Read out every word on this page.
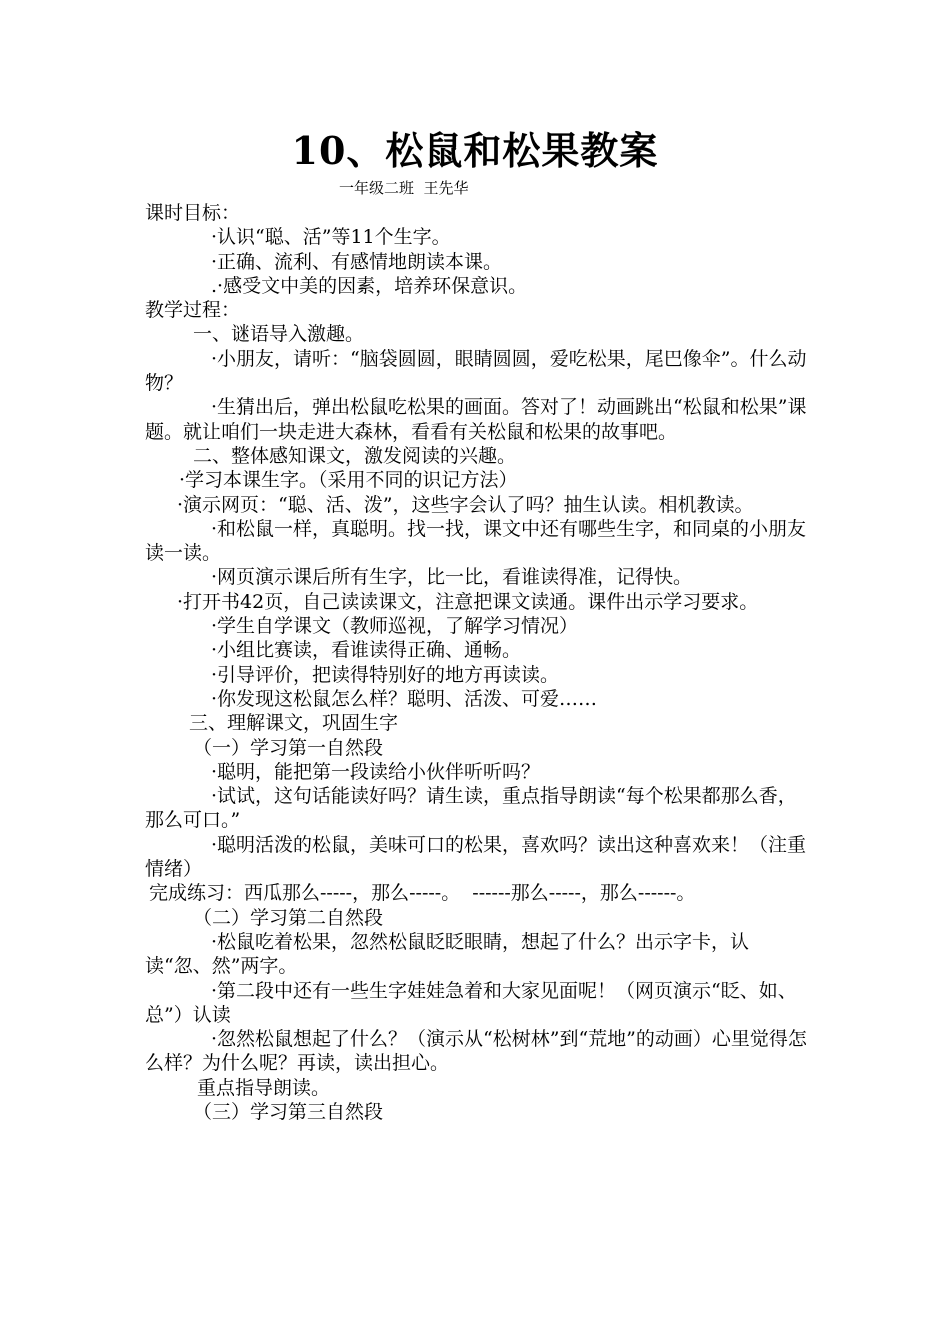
10、松鼠和松果教案
一年级二班  王先华

课时目标：

·认识“聪、活”等11个生字。

·正确、流利、有感情地朗读本课。

.·感受文中美的因素，培养环保意识。

教学过程：

一、谜语导入激趣。

·小朋友，请听：“脑袋圆圆，眼睛圆圆，爱吃松果，尾巴像伞”。什么动物？

·生猜出后，弹出松鼠吃松果的画面。答对了！动画跳出“松鼠和松果”课题。就让咱们一块走进大森林，看看有关松鼠和松果的故事吧。

二、整体感知课文，激发阅读的兴趣。

·学习本课生字。（采用不同的识记方法）

·演示网页：“聪、活、泼”，这些字会认了吗？抽生认读。相机教读。

·和松鼠一样，真聪明。找一找，课文中还有哪些生字，和同桌的小朋友读一读。

·网页演示课后所有生字，比一比，看谁读得准，记得快。

·打开书42页，自己读读课文，注意把课文读通。课件出示学习要求。

·学生自学课文（教师巡视，了解学习情况）

·小组比赛读，看谁读得正确、通畅。

·引导评价，把读得特别好的地方再读读。

·你发现这松鼠怎么样？聪明、活泼、可爱……

三、理解课文，巩固生字

（一）学习第一自然段

·聪明，能把第一段读给小伙伴听听吗？

·试试，这句话能读好吗？请生读，重点指导朗读“每个松果都那么香，那么可口。”

·聪明活泼的松鼠，美味可口的松果，喜欢吗？读出这种喜欢来！（注重情绪）

完成练习：西瓜那么-----，那么-----。  ------那么-----，那么------。

（二）学习第二自然段

·松鼠吃着松果，忽然松鼠眨眨眼睛，想起了什么？出示字卡，认读“忽、然”两字。

·第二段中还有一些生字娃娃急着和大家见面呢！（网页演示“眨、如、总”）认读

·忽然松鼠想起了什么？（演示从“松树林”到“荒地”的动画）心里觉得怎么样？为什么呢？再读，读出担心。

重点指导朗读。

（三）学习第三自然段
